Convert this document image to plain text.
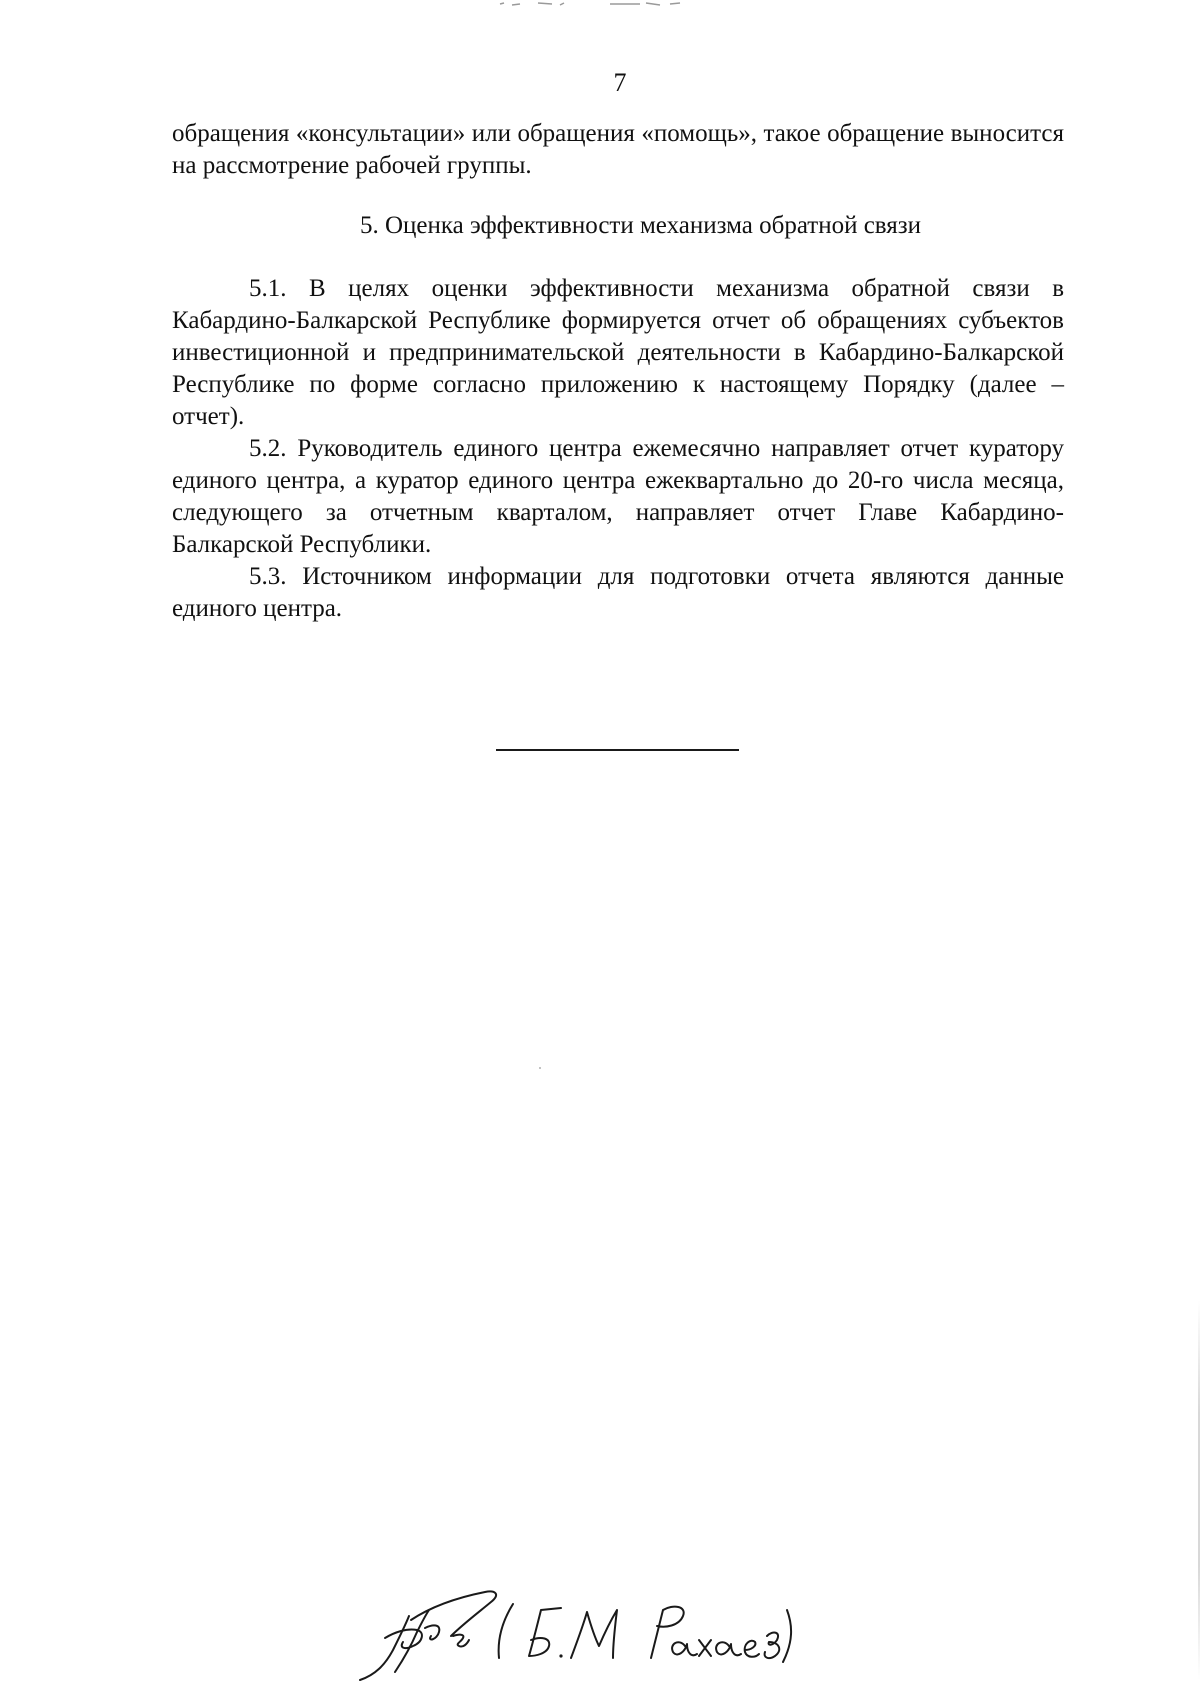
7

обращения «консультации» или обращения «помощь», такое обращение выносится на рассмотрение рабочей группы.

5. Оценка эффективности механизма обратной связи

5.1. В целях оценки эффективности механизма обратной связи в Кабардино-Балкарской Республике формируется отчет об обращениях субъектов инвестиционной и предпринимательской деятельности в Кабардино-Балкарской Республике по форме согласно приложению к настоящему Порядку (далее – отчет).

5.2. Руководитель единого центра ежемесячно направляет отчет куратору единого центра, а куратор единого центра ежеквартально до 20-го числа месяца, следующего за отчетным кварталом, направляет отчет Главе Кабардино-Балкарской Республики.

5.3. Источником информации для подготовки отчета являются данные единого центра.
